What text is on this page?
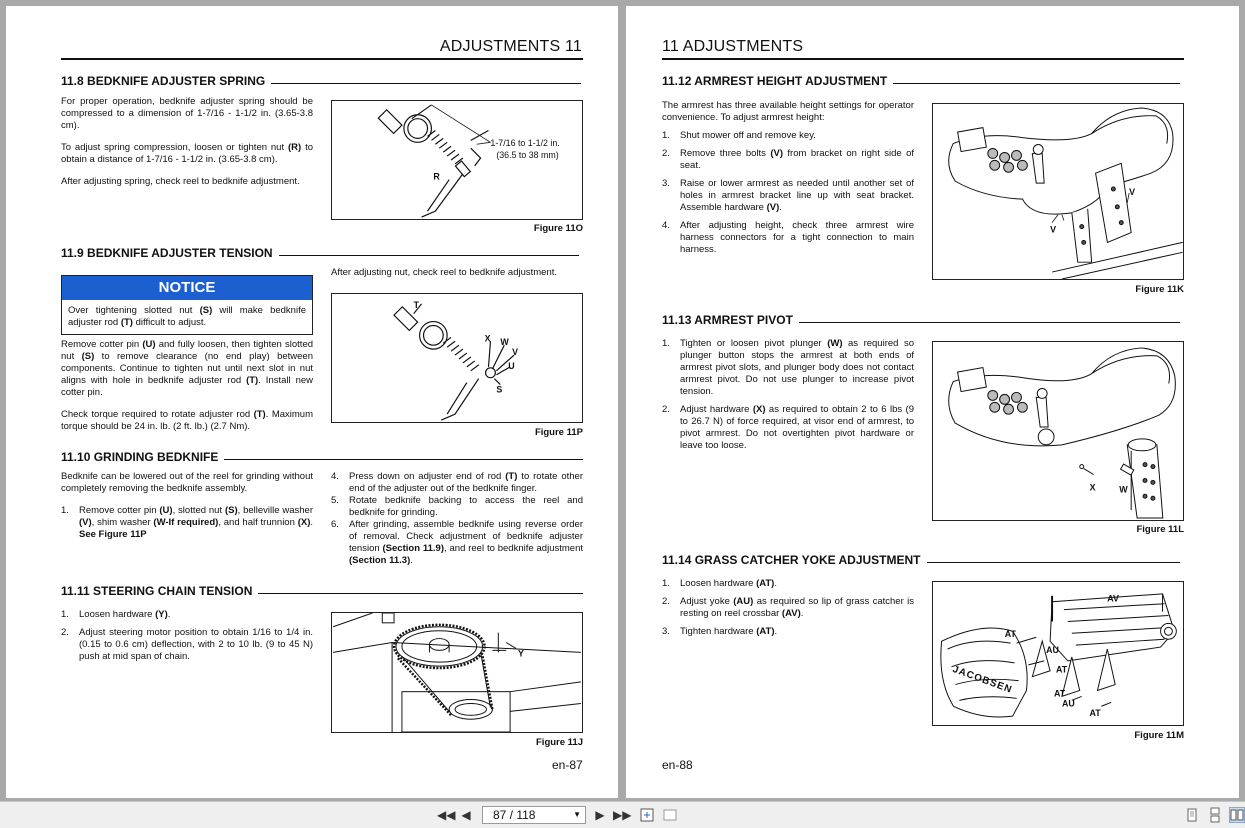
ADJUSTMENTS 11
11.8 BEDKNIFE ADJUSTER SPRING

For proper operation, bedknife adjuster spring should be compressed to a dimension of 1-7/16 - 1-1/2 in. (3.65-3.8 cm).

To adjust spring compression, loosen or tighten nut (R) to obtain a distance of 1-7/16 - 1-1/2 in. (3.65-3.8 cm).

After adjusting spring, check reel to bedknife adjustment.

1-7/16 to 1-1/2 in.
(36.5 to 38 mm)
R
Figure 11O
11.9 BEDKNIFE ADJUSTER TENSION
After adjusting nut, check reel to bedknife adjustment.
NOTICE
Over tightening slotted nut (S) will make bedknife adjuster rod (T) difficult to adjust.

Remove cotter pin (U) and fully loosen, then tighten slotted nut (S) to remove clearance (no end play) between components. Continue to tighten nut until next slot in nut aligns with hole in bedknife adjuster rod (T). Install new cotter pin.

Check torque required to rotate adjuster rod (T). Maximum torque should be 24 in. lb. (2 ft. lb.) (2.7 Nm).

T
X W
V
U
S
Figure 11P
11.10 GRINDING BEDKNIFE

Bedknife can be lowered out of the reel for grinding without completely removing the bedknife assembly.

1. Remove cotter pin (U), slotted nut (S), belleville washer (V), shim washer (W-If required), and half trunnion (X). See Figure 11P
4. Press down on adjuster end of rod (T) to rotate other end of the adjuster out of the bedknife finger.
5. Rotate bedknife backing to access the reel and bedknife for grinding.
6. After grinding, assemble bedknife using reverse order of removal. Check adjustment of bedknife adjuster tension (Section 11.9), and reel to bedknife adjustment (Section 11.3).
11.11 STEERING CHAIN TENSION
1. Loosen hardware (Y).
2. Adjust steering motor position to obtain 1/16 to 1/4 in. (0.15 to 0.6 cm) deflection, with 2 to 10 lb. (9 to 45 N) push at mid span of chain.	Y
Figure 11J
en-87
11 ADJUSTMENTS
11.12 ARMREST HEIGHT ADJUSTMENT

The armrest has three available height settings for operator convenience. To adjust armrest height:

1. Shut mower off and remove key.
2. Remove three bolts (V) from bracket on right side of seat.
3. Raise or lower armrest as needed until another set of holes in armrest bracket line up with seat bracket. Assemble hardware (V).
4. After adjusting height, check three armrest wire harness connectors for a tight connection to main harness.
V
V
Figure 11K
11.13 ARMREST PIVOT
1. Tighten or loosen pivot plunger (W) as required so plunger button stops the armrest at both ends of armrest pivot slots, and plunger body does not contact armrest pivot. Do not use plunger to increase pivot tension.
2. Adjust hardware (X) as required to obtain 2 to 6 lbs (9 to 26.7 N) of force required, at visor end of armrest, to pivot armrest. Do not overtighten pivot hardware or leave too loose.
X	W
Figure 11L
11.14 GRASS CATCHER YOKE ADJUSTMENT
1. Loosen hardware (AT).
2. Adjust yoke (AU) as required so lip of grass catcher is resting on reel crossbar (AV).
3. Tighten hardware (AT).
JACOBSEN
AV
AT
AU
AT
AT
AU
AT
Figure 11M
en-88
◀◀ ◀	87 / 118	▼ ▶ ▶▶
